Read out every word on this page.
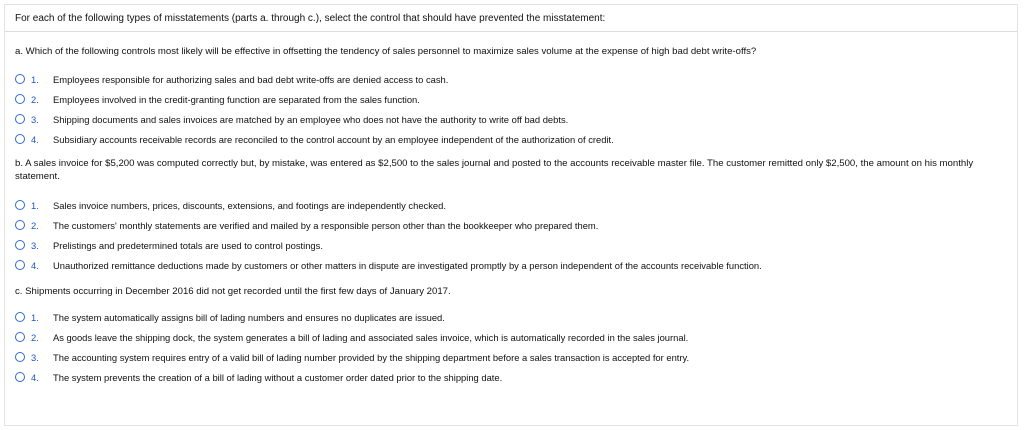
For each of the following types of misstatements (parts a. through c.), select the control that should have prevented the misstatement:
a. Which of the following controls most likely will be effective in offsetting the tendency of sales personnel to maximize sales volume at the expense of high bad debt write-offs?
1.	Employees responsible for authorizing sales and bad debt write-offs are denied access to cash.
2.	Employees involved in the credit-granting function are separated from the sales function.
3.	Shipping documents and sales invoices are matched by an employee who does not have the authority to write off bad debts.
4.	Subsidiary accounts receivable records are reconciled to the control account by an employee independent of the authorization of credit.
b. A sales invoice for $5,200 was computed correctly but, by mistake, was entered as $2,500 to the sales journal and posted to the accounts receivable master file. The customer remitted only $2,500, the amount on his monthly statement.
1.	Sales invoice numbers, prices, discounts, extensions, and footings are independently checked.
2.	The customers' monthly statements are verified and mailed by a responsible person other than the bookkeeper who prepared them.
3.	Prelistings and predetermined totals are used to control postings.
4.	Unauthorized remittance deductions made by customers or other matters in dispute are investigated promptly by a person independent of the accounts receivable function.
c. Shipments occurring in December 2016 did not get recorded until the first few days of January 2017.
1.	The system automatically assigns bill of lading numbers and ensures no duplicates are issued.
2.	As goods leave the shipping dock, the system generates a bill of lading and associated sales invoice, which is automatically recorded in the sales journal.
3.	The accounting system requires entry of a valid bill of lading number provided by the shipping department before a sales transaction is accepted for entry.
4.	The system prevents the creation of a bill of lading without a customer order dated prior to the shipping date.
